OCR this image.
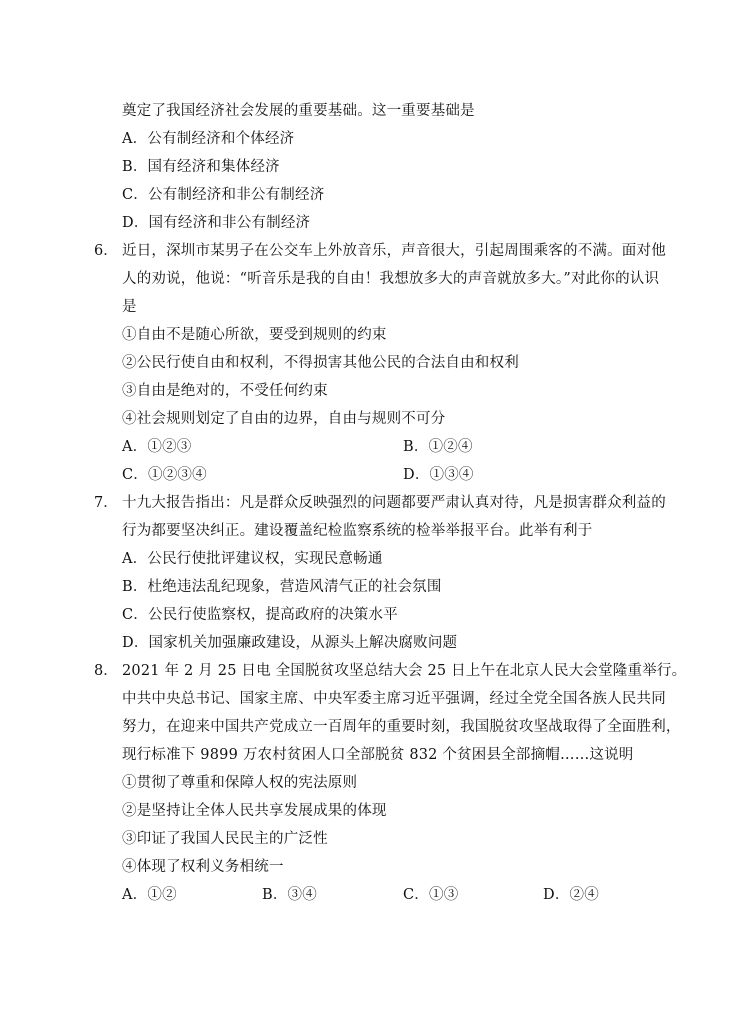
奠定了我国经济社会发展的重要基础。这一重要基础是
A．公有制经济和个体经济
B．国有经济和集体经济
C．公有制经济和非公有制经济
D．国有经济和非公有制经济
6． 近日，深圳市某男子在公交车上外放音乐，声音很大，引起周围乘客的不满。面对他
人的劝说，他说：“听音乐是我的自由！我想放多大的声音就放多大。”对此你的认识
是
①自由不是随心所欲，要受到规则的约束
②公民行使自由和权利，不得损害其他公民的合法自由和权利
③自由是绝对的，不受任何约束
④社会规则划定了自由的边界，自由与规则不可分
A．①②③	B．①②④
C．①②③④	D．①③④
7． 十九大报告指出：凡是群众反映强烈的问题都要严肃认真对待，凡是损害群众利益的
行为都要坚决纠正。建设覆盖纪检监察系统的检举举报平台。此举有利于
A．公民行使批评建议权，实现民意畅通
B．杜绝违法乱纪现象，营造风清气正的社会氛围
C．公民行使监察权，提高政府的决策水平
D．国家机关加强廉政建设，从源头上解决腐败问题
8． 2021 年 2 月 25 日电 全国脱贫攻坚总结大会 25 日上午在北京人民大会堂隆重举行。
中共中央总书记、国家主席、中央军委主席习近平强调，经过全党全国各族人民共同
努力，在迎来中国共产党成立一百周年的重要时刻，我国脱贫攻坚战取得了全面胜利，
现行标准下 9899 万农村贫困人口全部脱贫 832 个贫困县全部摘帽……这说明
①贯彻了尊重和保障人权的宪法原则
②是坚持让全体人民共享发展成果的体现
③印证了我国人民民主的广泛性
④体现了权利义务相统一
A．①②	B．③④	C．①③	D．②④
